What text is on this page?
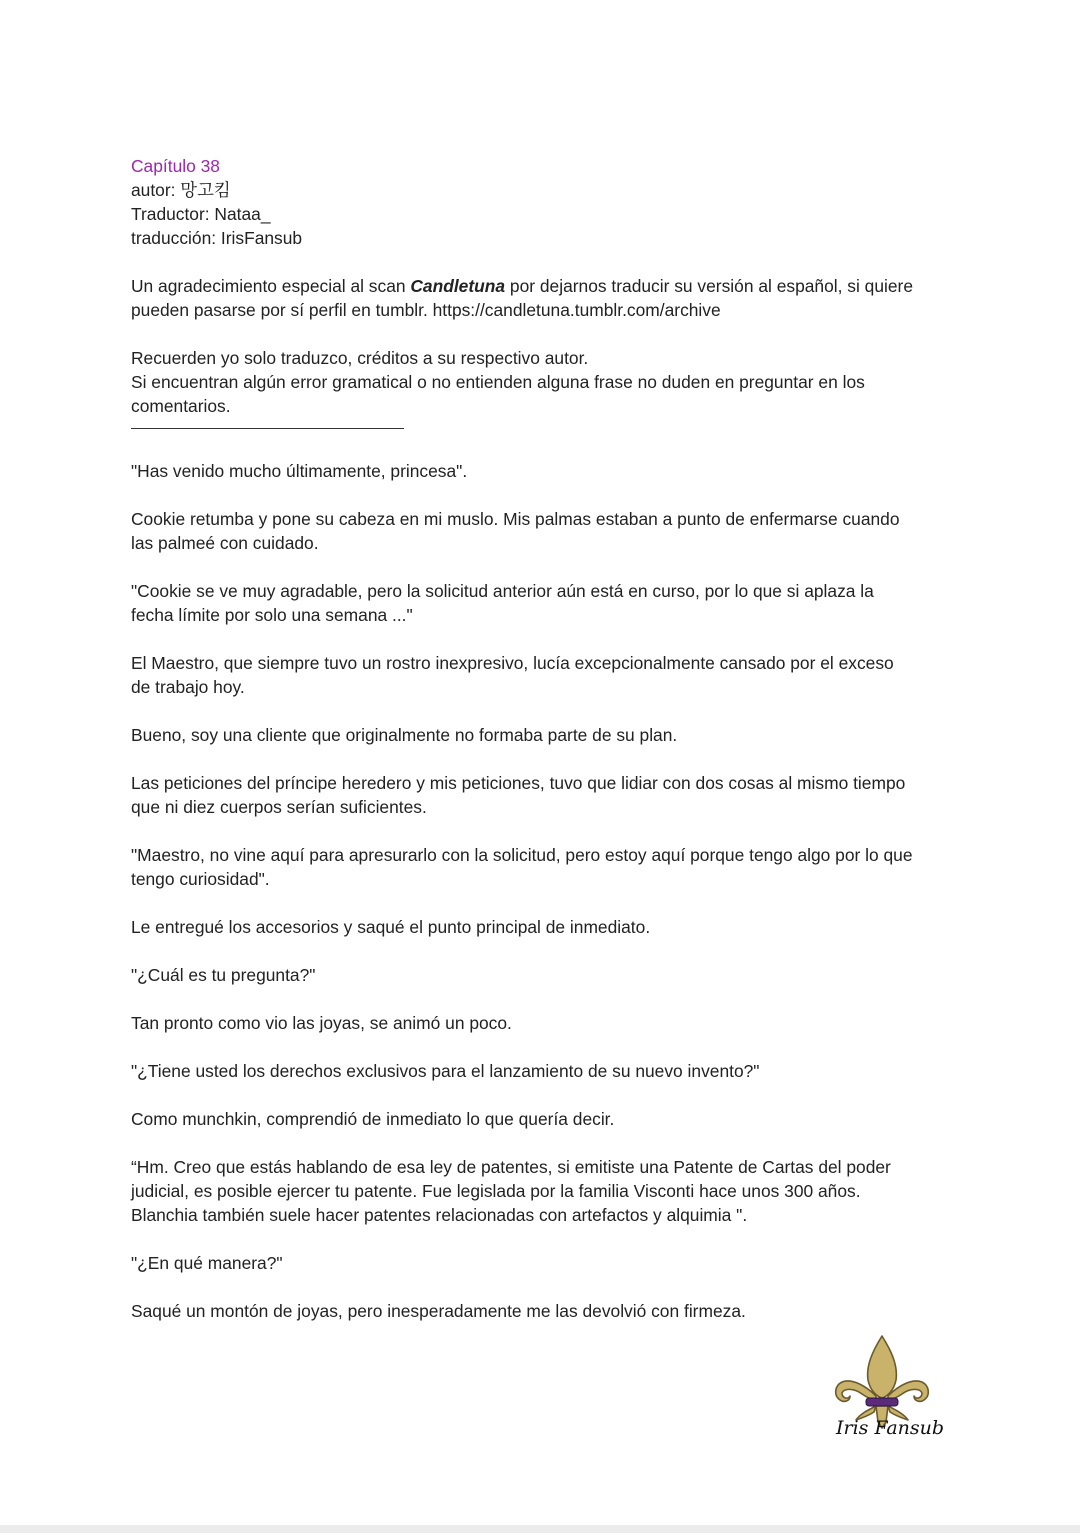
Capítulo 38
autor: 망고킴
Traductor: Nataa_
traducción: IrisFansub
Un agradecimiento especial al scan Candletuna por dejarnos traducir su versión al español, si quiere
pueden pasarse por sí perfil en tumblr. https://candletuna.tumblr.com/archive
Recuerden yo solo traduzco, créditos a su respectivo autor.
Si encuentran algún error gramatical o no entienden alguna frase no duden en preguntar en los
comentarios.
"Has venido mucho últimamente, princesa".
Cookie retumba y pone su cabeza en mi muslo. Mis palmas estaban a punto de enfermarse cuando
las palmeé con cuidado.
"Cookie se ve muy agradable, pero la solicitud anterior aún está en curso, por lo que si aplaza la
fecha límite por solo una semana ..."
El Maestro, que siempre tuvo un rostro inexpresivo, lucía excepcionalmente cansado por el exceso
de trabajo hoy.
Bueno, soy una cliente que originalmente no formaba parte de su plan.
Las peticiones del príncipe heredero y mis peticiones, tuvo que lidiar con dos cosas al mismo tiempo
que ni diez cuerpos serían suficientes.
"Maestro, no vine aquí para apresurarlo con la solicitud, pero estoy aquí porque tengo algo por lo que
tengo curiosidad".
Le entregué los accesorios y saqué el punto principal de inmediato.
"¿Cuál es tu pregunta?"
Tan pronto como vio las joyas, se animó un poco.
"¿Tiene usted los derechos exclusivos para el lanzamiento de su nuevo invento?"
Como munchkin, comprendió de inmediato lo que quería decir.
“Hm. Creo que estás hablando de esa ley de patentes, si emitiste una Patente de Cartas del poder
judicial, es posible ejercer tu patente. Fue legislada por la familia Visconti hace unos 300 años.
Blanchia también suele hacer patentes relacionadas con artefactos y alquimia ".
"¿En qué manera?"
Saqué un montón de joyas, pero inesperadamente me las devolvió con firmeza.
Iris Fansub
